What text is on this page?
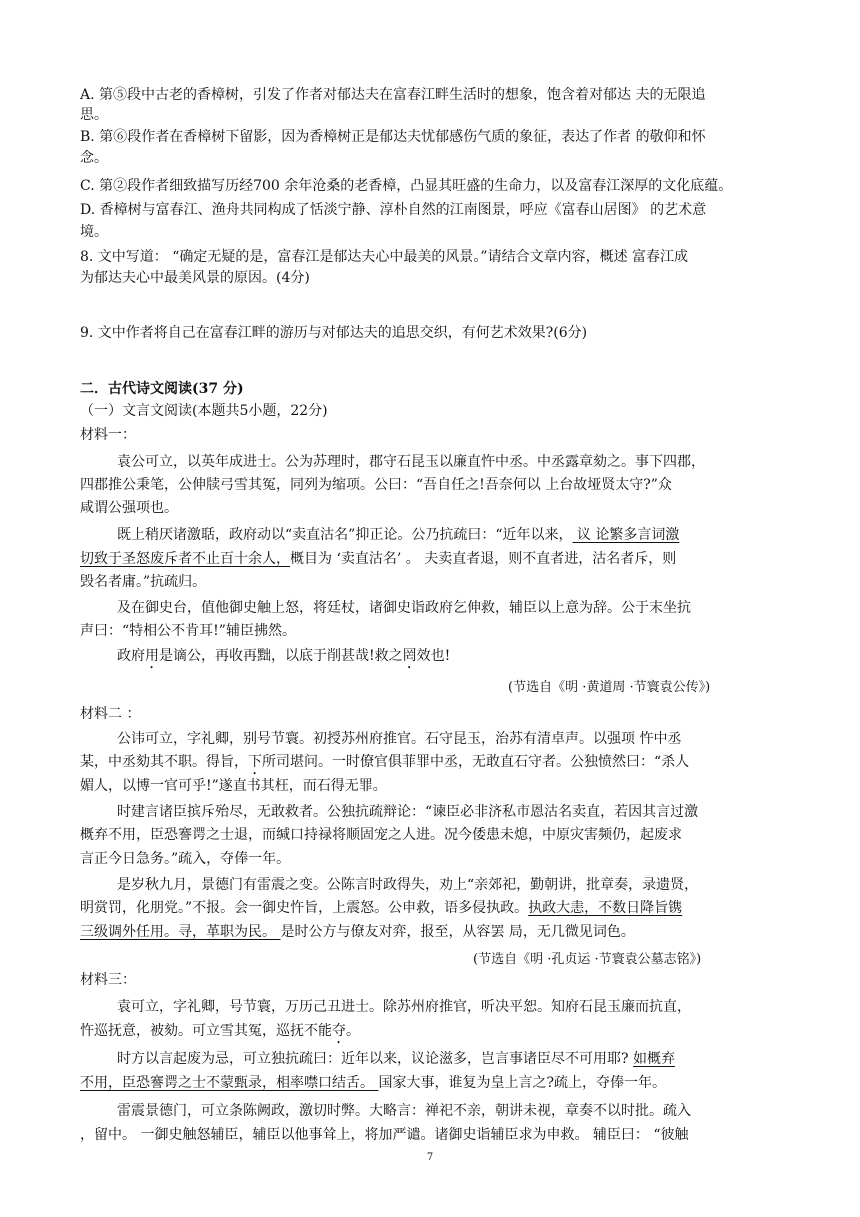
A. 第⑤段中古老的香樟树，引发了作者对郁达夫在富春江畔生活时的想象，饱含着对郁达 夫的无限追
思。
B. 第⑥段作者在香樟树下留影，因为香樟树正是郁达夫忧郁感伤气质的象征，表达了作者 的敬仰和怀
念。
C. 第②段作者细致描写历经700 余年沧桑的老香樟，凸显其旺盛的生命力，以及富春江深厚的文化底蕴。
D. 香樟树与富春江、渔舟共同构成了恬淡宁静、淳朴自然的江南图景，呼应《富春山居图》 的艺术意
境。
8. 文中写道： “确定无疑的是，富春江是郁达夫心中最美的风景。”请结合文章内容，概述 富春江成
为郁达夫心中最美风景的原因。(4分)
9. 文中作者将自己在富春江畔的游历与对郁达夫的追思交织，有何艺术效果?(6分)
二．古代诗文阅读(37 分)
（一）文言文阅读(本题共5小题，22分)
材料一：
袁公可立，以英年成进士。公为苏理时，郡守石昆玉以廉直忤中丞。中丞露章劾之。事下四郡，
四郡推公秉笔，公伸牍弓雪其冤，同列为缩项。公曰：“吾自任之!吾奈何以 上台故垭贤太守?”众
咸谓公强项也。
既上稍厌诸激聒，政府动以“卖直沽名”抑正论。公乃抗疏曰：“近年以来， 议 论繁多言词激
切致于圣怒废斥者不止百十余人，概目为 ‘卖直沽名’ 。 夫卖直者退，则不直者进，沽名者斥，则
毁名者庸。”抗疏归。
及在御史台，值他御史触上怒，将廷杖，诸御史诣政府乞伸救，辅臣以上意为辞。公于末坐抗
声曰：“特相公不肯耳!”辅臣拂然。
政府用是谪公，再收再黜，以底于削甚哉!救之罔效也!
(节选自《明 ·黄道周 ·节寰袁公传》)
材料二 ：
公讳可立，字礼卿，别号节寰。初授苏州府推官。石守昆玉，治苏有清卓声。以强项 忤中丞
某，中丞劾其不职。得旨，下所司堪问。一时僚官俱菲罪中丞，无敢直石守者。公独愤然曰：“杀人
媚人，以博一官可乎!”遂直书其枉，而石得无罪。
时建言诸臣摈斥殆尽，无敢救者。公独抗疏辩论：“谏臣必非济私市恩沽名卖直，若因其言过激
概弃不用，臣恐謇谔之士退，而缄口持禄将顺固宠之人进。况今倭患未熄，中原灾害频仍，起废求
言正今日急务。”疏入，夺俸一年。
是岁秋九月，景德门有雷震之变。公陈言时政得失，劝上“亲郊祀，勤朝讲，批章奏，录遗贤，
明赏罚，化朋党。”不报。会一御史忤旨，上震怒。公申救，语多侵执政。执政大恚，不数日降旨镌
三级调外任用。寻，革职为民。 是时公方与僚友对弈，报至，从容罢 局，无几微见词色。
(节选自《明 ·孔贞运 ·节寰袁公墓志铭》)
材料三：
袁可立，字礼卿，号节寰，万历己丑进士。除苏州府推官，听决平恕。知府石昆玉廉而抗直，
忤巡抚意，被劾。可立雪其冤，巡抚不能夺。
时方以言起废为忌，可立独抗疏曰：近年以来，议论滋多，岂言事诸臣尽不可用耶? 如概弃
不用，臣恐謇谔之士不蒙甄录，相率噤口结舌。 国家大事，谁复为皇上言之?疏上，夺俸一年。
雷震景德门，可立条陈阙政，激切时弊。大略言：禅祀不亲，朝讲未视，章奏不以时批。疏入
，留中。 一御史触怒辅臣，辅臣以他事耸上，将加严谴。诸御史诣辅臣求为申救。 辅臣曰： “彼触
7
